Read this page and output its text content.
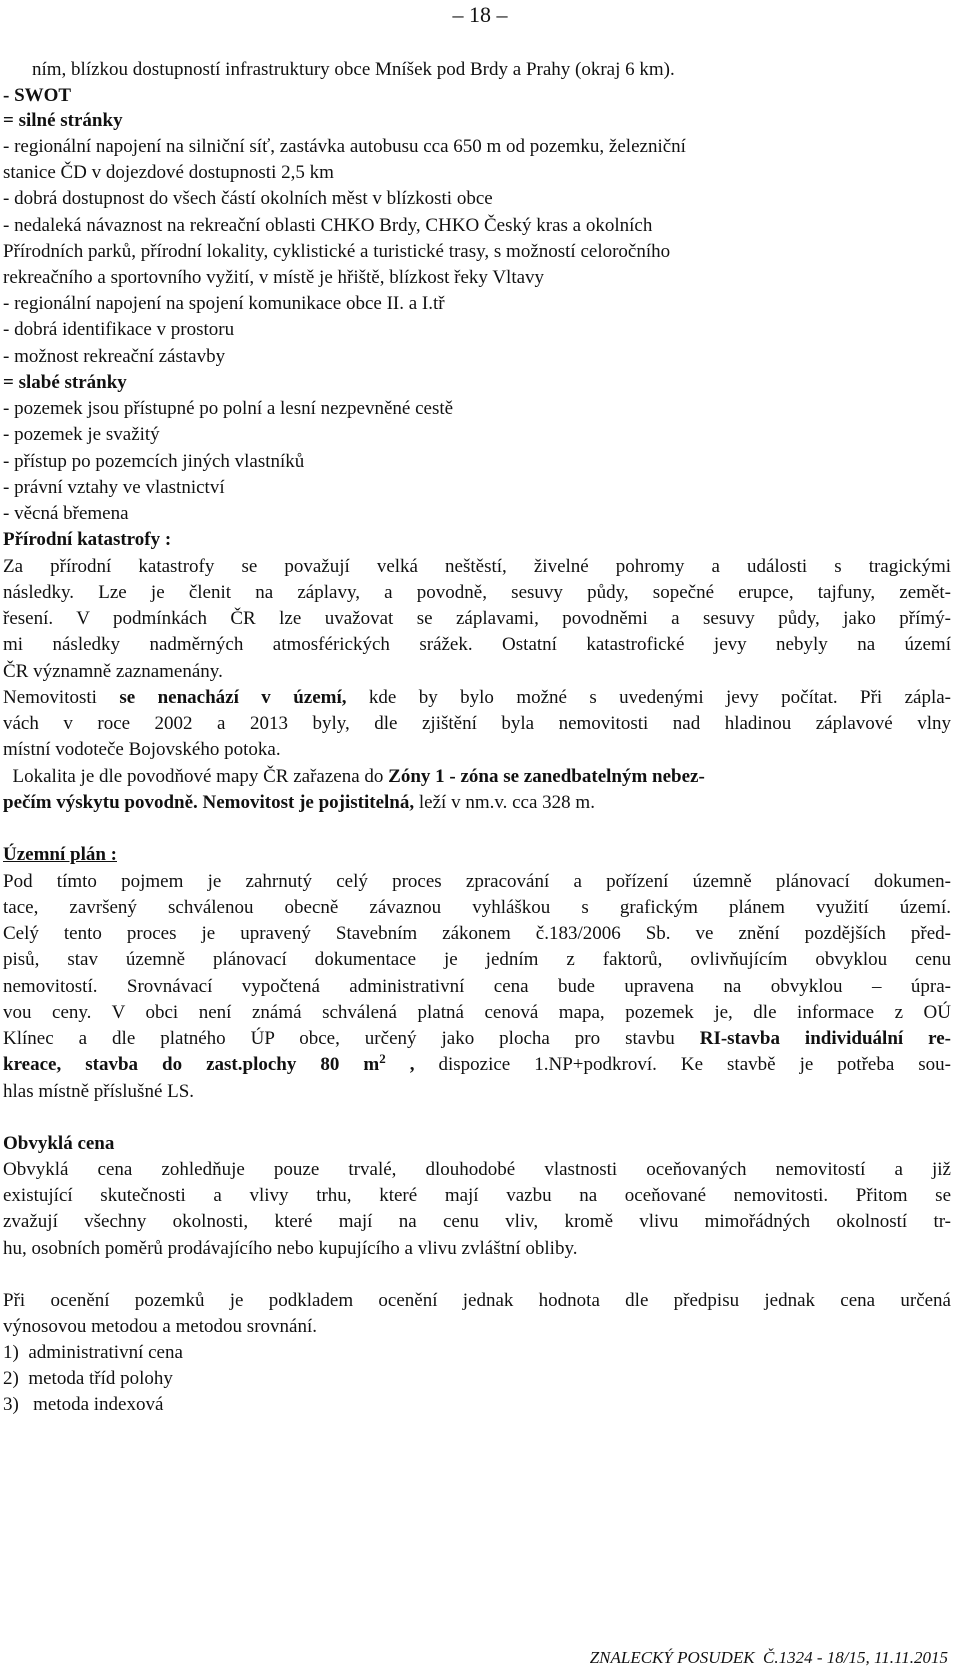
– 18 –
ním, blízkou dostupností infrastruktury obce Mníšek pod Brdy a Prahy (okraj 6 km).
- SWOT
= silné stránky
- regionální napojení na silniční síť, zastávka autobusu cca 650 m od pozemku, železniční
stanice ČD v dojezdové dostupnosti 2,5 km
- dobrá dostupnost do všech částí okolních měst v blízkosti obce
- nedaleká návaznost na rekreační oblasti CHKO Brdy, CHKO Český kras a okolních
Přírodních parků, přírodní lokality, cyklistické a turistické trasy, s možností celoročního
rekreačního a sportovního vyžití, v místě je hřiště, blízkost řeky Vltavy
- regionální napojení na spojení komunikace obce II. a I.tř
- dobrá identifikace v prostoru
- možnost rekreační zástavby
= slabé stránky
- pozemek jsou přístupné po polní a lesní nezpevněné cestě
- pozemek je svažitý
- přístup po pozemcích jiných vlastníků
- právní vztahy ve vlastnictví
- věcná břemena
Přírodní katastrofy :
Za přírodní katastrofy se považují velká neštěstí, živelné pohromy a události s tragickými
následky. Lze je členit na záplavy, a povodně, sesuvy půdy, sopečné erupce, tajfuny, zemět-
řesení. V podmínkách ČR lze uvažovat se záplavami, povodněmi a sesuvy půdy, jako přímý-
mi následky nadměrných atmosférických srážek. Ostatní katastrofické jevy nebyly na území
ČR významně zaznamenány.
Nemovitosti se nenachází v území, kde by bylo možné s uvedenými jevy počítat. Při zápla-
vách v roce 2002 a 2013 byly, dle zjištění byla nemovitosti nad hladinou záplavové vlny
místní vodoteče Bojovského potoka.
Lokalita je dle povodňové mapy ČR zařazena do Zóny 1 - zóna se zanedbatelným nebez-
pečím výskytu povodně. Nemovitost je pojistitelná, leží v nm.v. cca 328 m.
Územní plán :
Pod tímto pojmem je zahrnutý celý proces zpracování a pořízení územně plánovací dokumen-
tace, završený schválenou obecně závaznou vyhláškou s grafickým plánem využití území.
Celý tento proces je upravený Stavebním zákonem č.183/2006 Sb. ve znění pozdějších před-
pisů, stav územně plánovací dokumentace je jedním z faktorů, ovlivňujícím obvyklou cenu
nemovitostí. Srovnávací vypočtená administrativní cena bude upravena na obvyklou – úpra-
vou ceny. V obci není známá schválená platná cenová mapa, pozemek je, dle informace z OÚ
Klínec a dle platného ÚP obce, určený jako plocha pro stavbu RI-stavba individuální re-
kreace, stavba do zast.plochy 80 $m^2$ , dispozice 1.NP+podkroví. Ke stavbě je potřeba sou-
hlas místně příslušné LS.
Obvyklá cena
Obvyklá cena zohledňuje pouze trvalé, dlouhodobé vlastnosti oceňovaných nemovitostí a již
existující skutečnosti a vlivy trhu, které mají vazbu na oceňované nemovitosti. Přitom se
zvažují všechny okolnosti, které mají na cenu vliv, kromě vlivu mimořádných okolností tr-
hu, osobních poměrů prodávajícího nebo kupujícího a vlivu zvláštní obliby.
Při ocenění pozemků je podkladem ocenění jednak hodnota dle předpisu jednak cena určená
výnosovou metodou a metodou srovnání.
1)  administrativní cena
2)  metoda tříd polohy
3)   metoda indexová
ZNALECKÝ POSUDEK  Č.1324 - 18/15, 11.11.2015
